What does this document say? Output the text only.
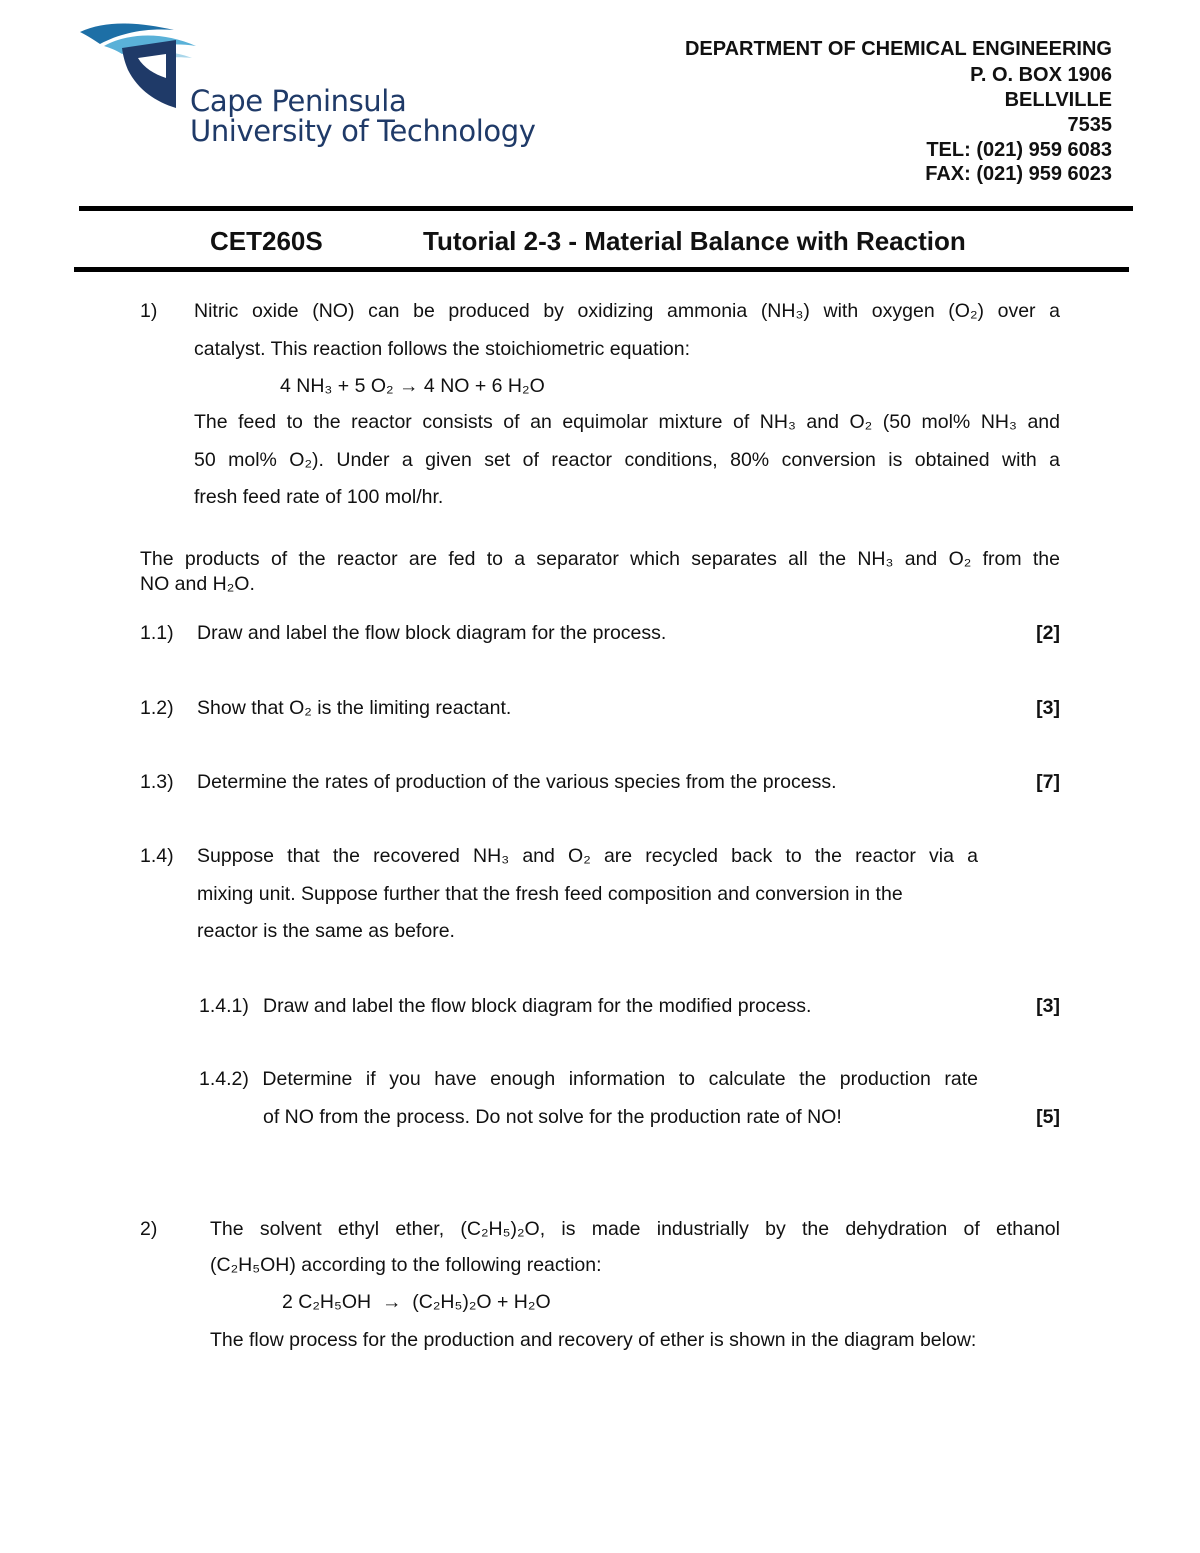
Cape Peninsula
University of Technology
DEPARTMENT OF CHEMICAL ENGINEERING
P. O. BOX 1906
BELLVILLE
7535
TEL: (021) 959 6083
FAX: (021) 959 6023
CET260S	Tutorial 2-3 - Material Balance with Reaction
1) Nitric oxide (NO) can be produced by oxidizing ammonia (NH₃) with oxygen (O₂) over a
catalyst. This reaction follows the stoichiometric equation:
4 NH₃ + 5 O₂ → 4 NO + 6 H₂O
The feed to the reactor consists of an equimolar mixture of NH₃ and O₂ (50 mol% NH₃ and
50 mol% O₂). Under a given set of reactor conditions, 80% conversion is obtained with a
fresh feed rate of 100 mol/hr.
The products of the reactor are fed to a separator which separates all the NH₃ and O₂ from the
NO and H₂O.
1.1) Draw and label the flow block diagram for the process.	[2]
1.2) Show that O₂ is the limiting reactant.	[3]
1.3) Determine the rates of production of the various species from the process.	[7]
1.4) Suppose that the recovered NH₃ and O₂ are recycled back to the reactor via a
mixing unit. Suppose further that the fresh feed composition and conversion in the
reactor is the same as before.
1.4.1) Draw and label the flow block diagram for the modified process.	[3]
1.4.2) Determine if you have enough information to calculate the production rate
of NO from the process. Do not solve for the production rate of NO!	[5]
2)	The solvent ethyl ether, (C₂H₅)₂O, is made industrially by the dehydration of ethanol
(C₂H₅OH) according to the following reaction:
2 C₂H₅OH  →  (C₂H₅)₂O + H₂O
The flow process for the production and recovery of ether is shown in the diagram below:
